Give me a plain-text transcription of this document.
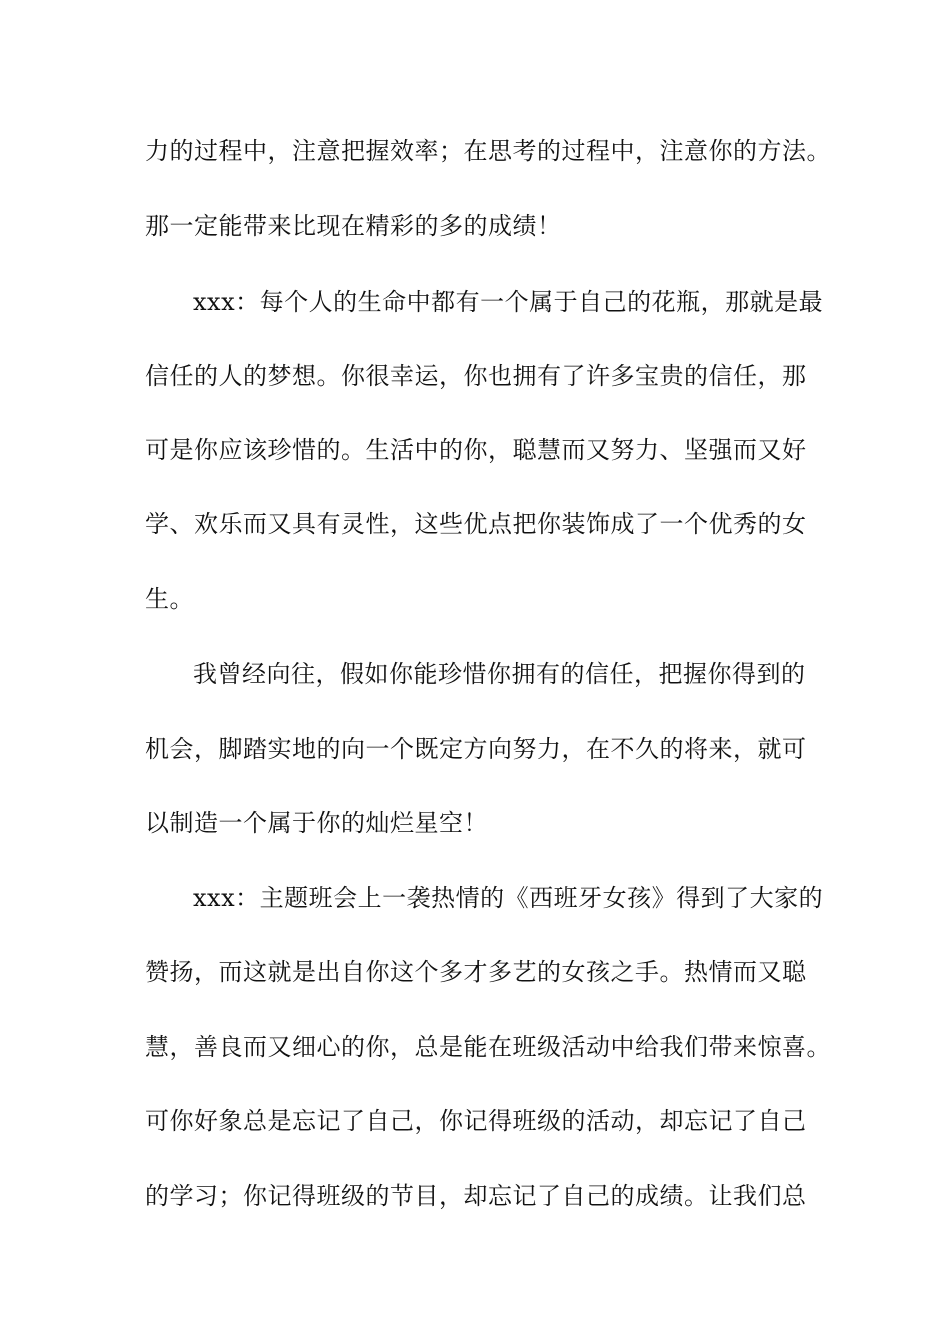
力的过程中，注意把握效率；在思考的过程中，注意你的方法。
那一定能带来比现在精彩的多的成绩！
xxx：每个人的生命中都有一个属于自己的花瓶，那就是最
信任的人的梦想。你很幸运，你也拥有了许多宝贵的信任，那
可是你应该珍惜的。生活中的你，聪慧而又努力、坚强而又好
学、欢乐而又具有灵性，这些优点把你装饰成了一个优秀的女
生。
我曾经向往，假如你能珍惜你拥有的信任，把握你得到的
机会，脚踏实地的向一个既定方向努力，在不久的将来，就可
以制造一个属于你的灿烂星空！
xxx：主题班会上一袭热情的《西班牙女孩》得到了大家的
赞扬，而这就是出自你这个多才多艺的女孩之手。热情而又聪
慧，善良而又细心的你，总是能在班级活动中给我们带来惊喜。
可你好象总是忘记了自己，你记得班级的活动，却忘记了自己
的学习；你记得班级的节目，却忘记了自己的成绩。让我们总
